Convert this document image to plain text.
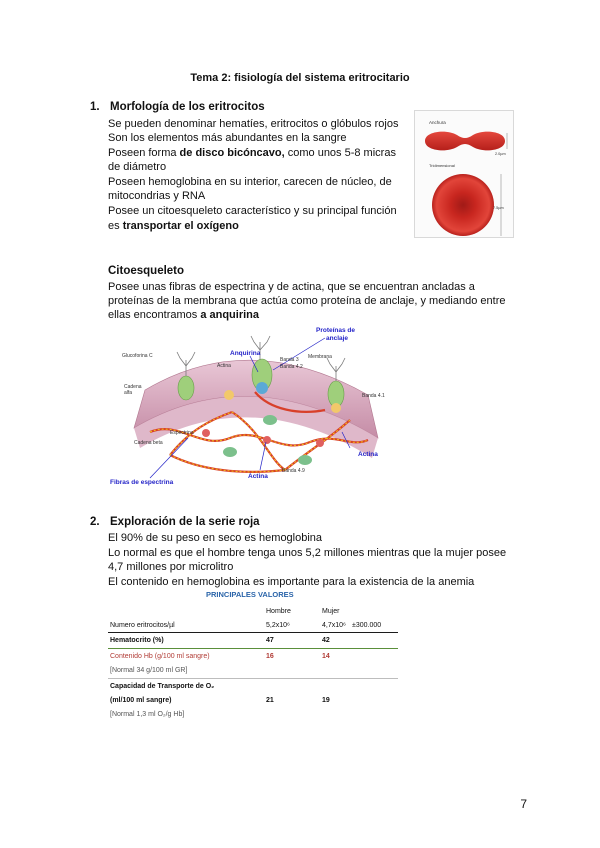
Tema 2: fisiología del sistema eritrocitario
1. Morfología de los eritrocitos
Se pueden denominar hematíes, eritrocitos o glóbulos rojos
Son los elementos más abundantes en la sangre
Poseen forma de disco bicóncavo, como unos 5-8 micras
de diámetro
Poseen hemoglobina en su interior, carecen de núcleo, de
mitocondrias y RNA
Posee un citoesqueleto característico y su principal función
es transportar el oxígeno
Anchura
2.0µm
Tridimensional
7.5µm
Citoesqueleto
Posee unas fibras de espectrina y de actina, que se encuentran ancladas a
proteínas de la membrana que actúa como proteína de anclaje, y mediando entre
ellas encontramos a anquirina
Glucoforina C
Actina
Banda 3
Banda 4.2
Membrana
Cadena
alfa	Banda 4.1
Espectrina
Cadena beta
Banda 4.9
Proteínas de
anclaje
Anquirina
Fibras de espectrina
Actina
Actina
2. Exploración de la serie roja
El 90% de su peso en seco es hemoglobina
Lo normal es que el hombre tenga unos 5,2 millones mientras que la mujer posee
4,7 millones por microlitro
El contenido en hemoglobina es importante para la existencia de la anemia
PRINCIPALES VALORES
Hombre	Mujer
Numero eritrocitos/µl	5,2x10⁶	4,7x10⁶ ±300.000
Hematocrito (%)	47	42
Contenido Hb (g/100 ml sangre)	16	14
[Normal 34 g/100 ml GR]
Capacidad de Transporte de O₂
(ml/100 ml sangre)	21	19
[Normal 1,3 ml O₂/g Hb]
7
